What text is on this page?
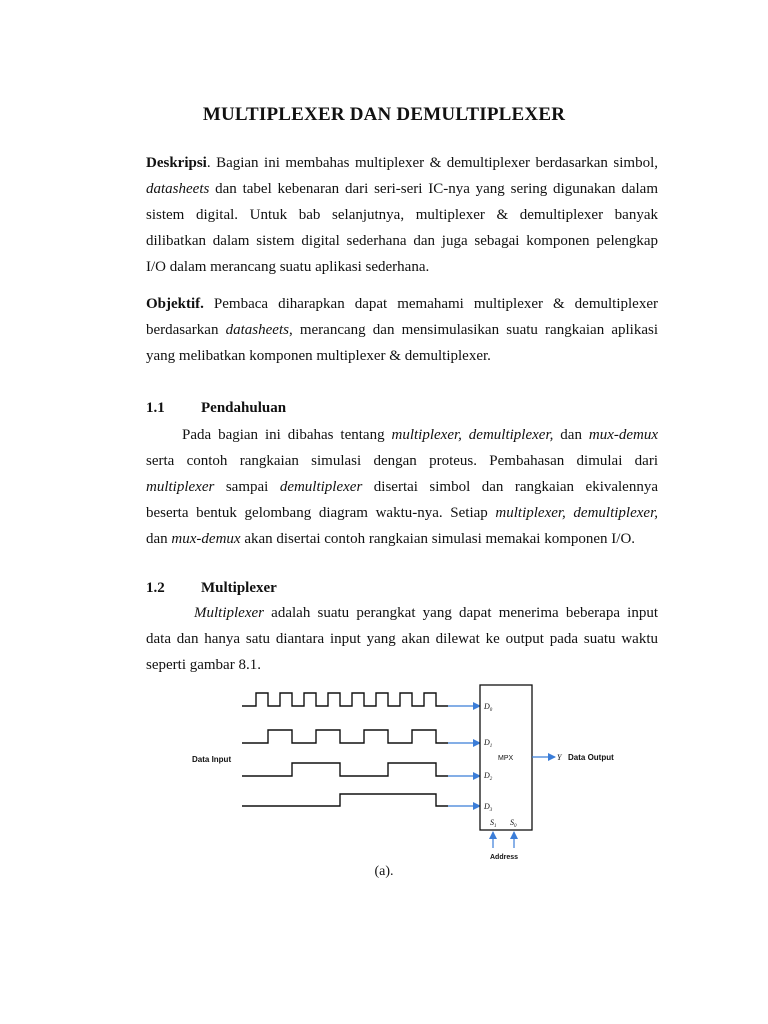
MULTIPLEXER DAN DEMULTIPLEXER
Deskripsi. Bagian ini membahas multiplexer & demultiplexer berdasarkan simbol,
datasheets dan tabel kebenaran dari seri-seri IC-nya yang sering digunakan dalam
sistem digital. Untuk bab selanjutnya, multiplexer & demultiplexer banyak
dilibatkan dalam sistem digital sederhana dan juga sebagai komponen pelengkap
I/O dalam merancang suatu aplikasi sederhana.
Objektif. Pembaca diharapkan dapat memahami multiplexer & demultiplexer
berdasarkan datasheets, merancang dan mensimulasikan suatu rangkaian aplikasi
yang melibatkan komponen multiplexer & demultiplexer.
1.1 Pendahuluan
Pada bagian ini dibahas tentang multiplexer, demultiplexer, dan mux-demux
serta contoh rangkaian simulasi dengan proteus. Pembahasan dimulai dari
multiplexer sampai demultiplexer disertai simbol dan rangkaian ekivalennya
beserta bentuk gelombang diagram waktu-nya. Setiap multiplexer, demultiplexer,
dan mux-demux akan disertai contoh rangkaian simulasi memakai komponen I/O.
1.2 Multiplexer
Multiplexer adalah suatu perangkat yang dapat menerima beberapa input
data dan hanya satu diantara input yang akan dilewat ke output pada suatu waktu
seperti gambar 8.1.
Data Input
$D_0$
$D_1$
$D_2$
$D_3$
MPX
$S_1$ $S_0$
Y Data Output
Address
(a).
